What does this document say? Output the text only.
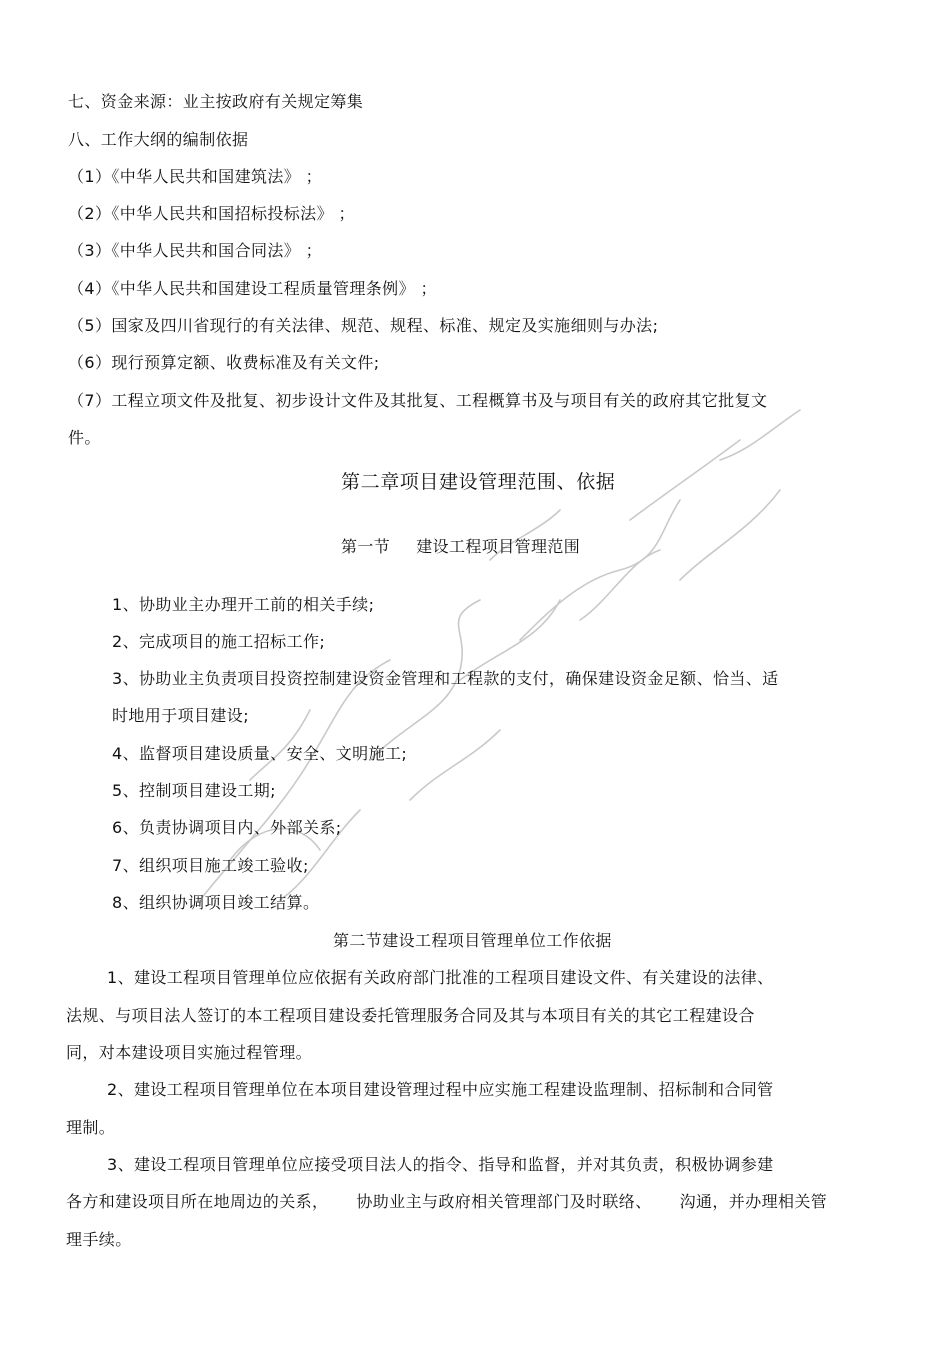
七、资金来源：业主按政府有关规定筹集

八、工作大纲的编制依据

（1）《中华人民共和国建筑法》 ；

（2）《中华人民共和国招标投标法》 ；

（3）《中华人民共和国合同法》 ；

（4）《中华人民共和国建设工程质量管理条例》 ；

（5）国家及四川省现行的有关法律、规范、规程、标准、规定及实施细则与办法;

（6）现行预算定额、收费标准及有关文件;

（7）工程立项文件及批复、初步设计文件及其批复、工程概算书及与项目有关的政府其它批复文

件。

第二章项目建设管理范围、依据

第一节 建设工程项目管理范围

1、协助业主办理开工前的相关手续;

2、完成项目的施工招标工作;

3、协助业主负责项目投资控制建设资金管理和工程款的支付，确保建设资金足额、恰当、适

时地用于项目建设;

4、监督项目建设质量、安全、文明施工;

5、控制项目建设工期;

6、负责协调项目内、外部关系;

7、组织项目施工竣工验收;

8、组织协调项目竣工结算。

第二节建设工程项目管理单位工作依据

1、建设工程项目管理单位应依据有关政府部门批准的工程项目建设文件、有关建设的法律、

法规、与项目法人签订的本工程项目建设委托管理服务合同及其与本项目有关的其它工程建设合

同，对本建设项目实施过程管理。

2、建设工程项目管理单位在本项目建设管理过程中应实施工程建设监理制、招标制和合同管

理制。

3、建设工程项目管理单位应接受项目法人的指令、指导和监督，并对其负责，积极协调参建

各方和建设项目所在地周边的关系， 协助业主与政府相关管理部门及时联络、 沟通，并办理相关管

理手续。
